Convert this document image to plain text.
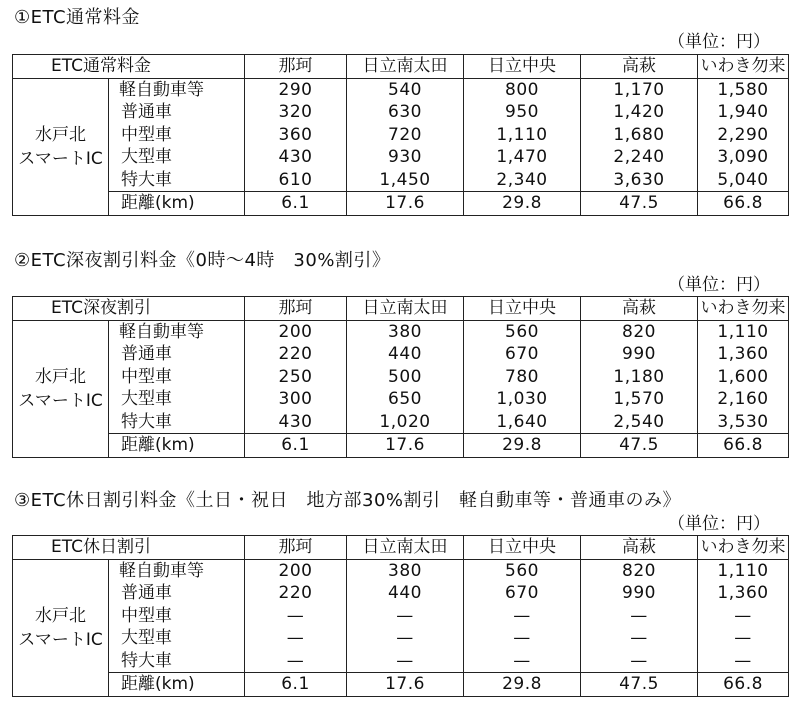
①ETC通常料金
（単位：円）
ETC通常料金		那珂	日立南太田	日立中央	高萩	いわき勿来

水戸北
スマートIC	軽自動車等	290	540	800	1,170	1,580
	普通車	320	630	950	1,420	1,940
	中型車	360	720	1,110	1,680	2,290
	大型車	430	930	1,470	2,240	3,090
	特大車	610	1,450	2,340	3,630	5,040
	距離(km)	6.1	17.6	29.8	47.5	66.8
②ETC深夜割引料金《0時～4時　30%割引》
（単位：円）
ETC深夜割引		那珂	日立南太田	日立中央	高萩	いわき勿来

水戸北
スマートIC	軽自動車等	200	380	560	820	1,110
	普通車	220	440	670	990	1,360
	中型車	250	500	780	1,180	1,600
	大型車	300	650	1,030	1,570	2,160
	特大車	430	1,020	1,640	2,540	3,530
	距離(km)	6.1	17.6	29.8	47.5	66.8
③ETC休日割引料金《土日・祝日　地方部30%割引　軽自動車等・普通車のみ》
（単位：円）
ETC休日割引		那珂	日立南太田	日立中央	高萩	いわき勿来

水戸北
スマートIC	軽自動車等	200	380	560	820	1,110
	普通車	220	440	670	990	1,360
	中型車	—	—	—	—	—
	大型車	—	—	—	—	—
	特大車	—	—	—	—	—
	距離(km)	6.1	17.6	29.8	47.5	66.8
